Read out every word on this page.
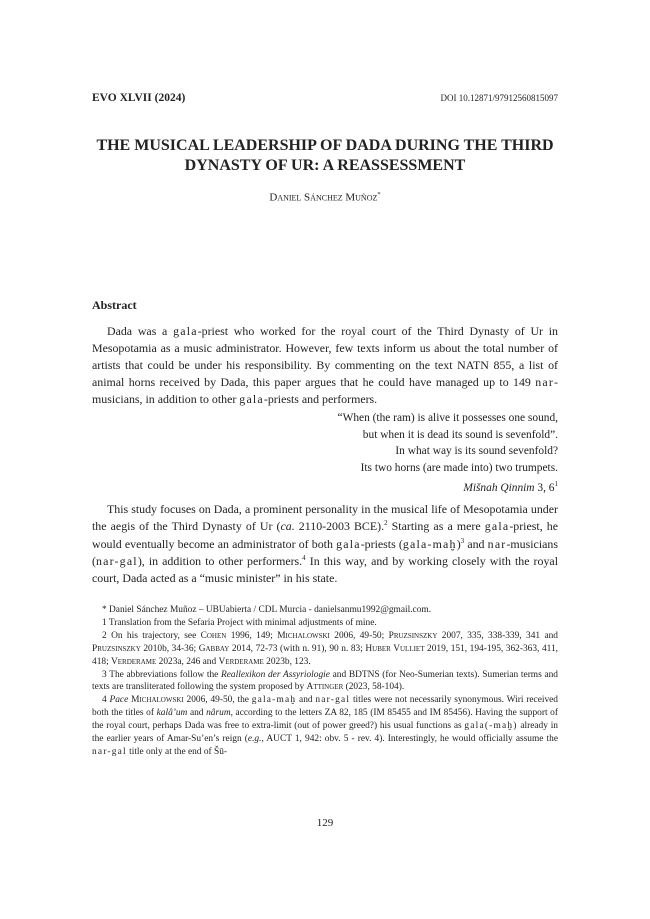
EVO XLVII (2024)	DOI 10.12871/97912560815097
THE MUSICAL LEADERSHIP OF DADA DURING THE THIRD DYNASTY OF UR: A REASSESSMENT
Daniel Sánchez Muñoz*
Abstract

Dada was a gala-priest who worked for the royal court of the Third Dynasty of Ur in Mesopotamia as a music administrator. However, few texts inform us about the total number of artists that could be under his responsibility. By commenting on the text NATN 855, a list of animal horns received by Dada, this paper argues that he could have managed up to 149 nar-musicians, in addition to other gala-priests and performers.

“When (the ram) is alive it possesses one sound,
but when it is dead its sound is sevenfold”.
In what way is its sound sevenfold?
Its two horns (are made into) two trumpets.
Mišnah Qinnim 3, $6^1$

This study focuses on Dada, a prominent personality in the musical life of Mesopotamia under the aegis of the Third Dynasty of Ur (ca. 2110-2003 BCE).$^2$ Starting as a mere gala-priest, he would eventually become an administrator of both gala-priests (gala-maḫ)$^3$ and nar-musicians (nar-gal), in addition to other performers.$^4$ In this way, and by working closely with the royal court, Dada acted as a “music minister” in his state.

* Daniel Sánchez Muñoz – UBUabierta / CDL Murcia - danielsanmu1992@gmail.com.

1 Translation from the Sefaria Project with minimal adjustments of mine.

2 On his trajectory, see Cohen 1996, 149; Michalowski 2006, 49-50; Pruzsinszky 2007, 335, 338-339, 341 and Pruzsinszky 2010b, 34-36; Gabbay 2014, 72-73 (with n. 91), 90 n. 83; Huber Vulliet 2019, 151, 194-195, 362-363, 411, 418; Verderame 2023a, 246 and Verderame 2023b, 123.

3 The abbreviations follow the Reallexikon der Assyriologie and BDTNS (for Neo-Sumerian texts). Sumerian terms and texts are transliterated following the system proposed by Attinger (2023, 58-104).

4 Pace Michalowski 2006, 49-50, the gala-maḫ and nar-gal titles were not necessarily synonymous. Wiri received both the titles of kalâ’um and nârum, according to the letters ZA 82, 185 (IM 85455 and IM 85456). Having the support of the royal court, perhaps Dada was free to extra-limit (out of power greed?) his usual functions as gala(-maḫ) already in the earlier years of Amar-Su’en’s reign (e.g., AUCT 1, 942: obv. 5 - rev. 4). Interestingly, he would officially assume the nar-gal title only at the end of Šū-

129
